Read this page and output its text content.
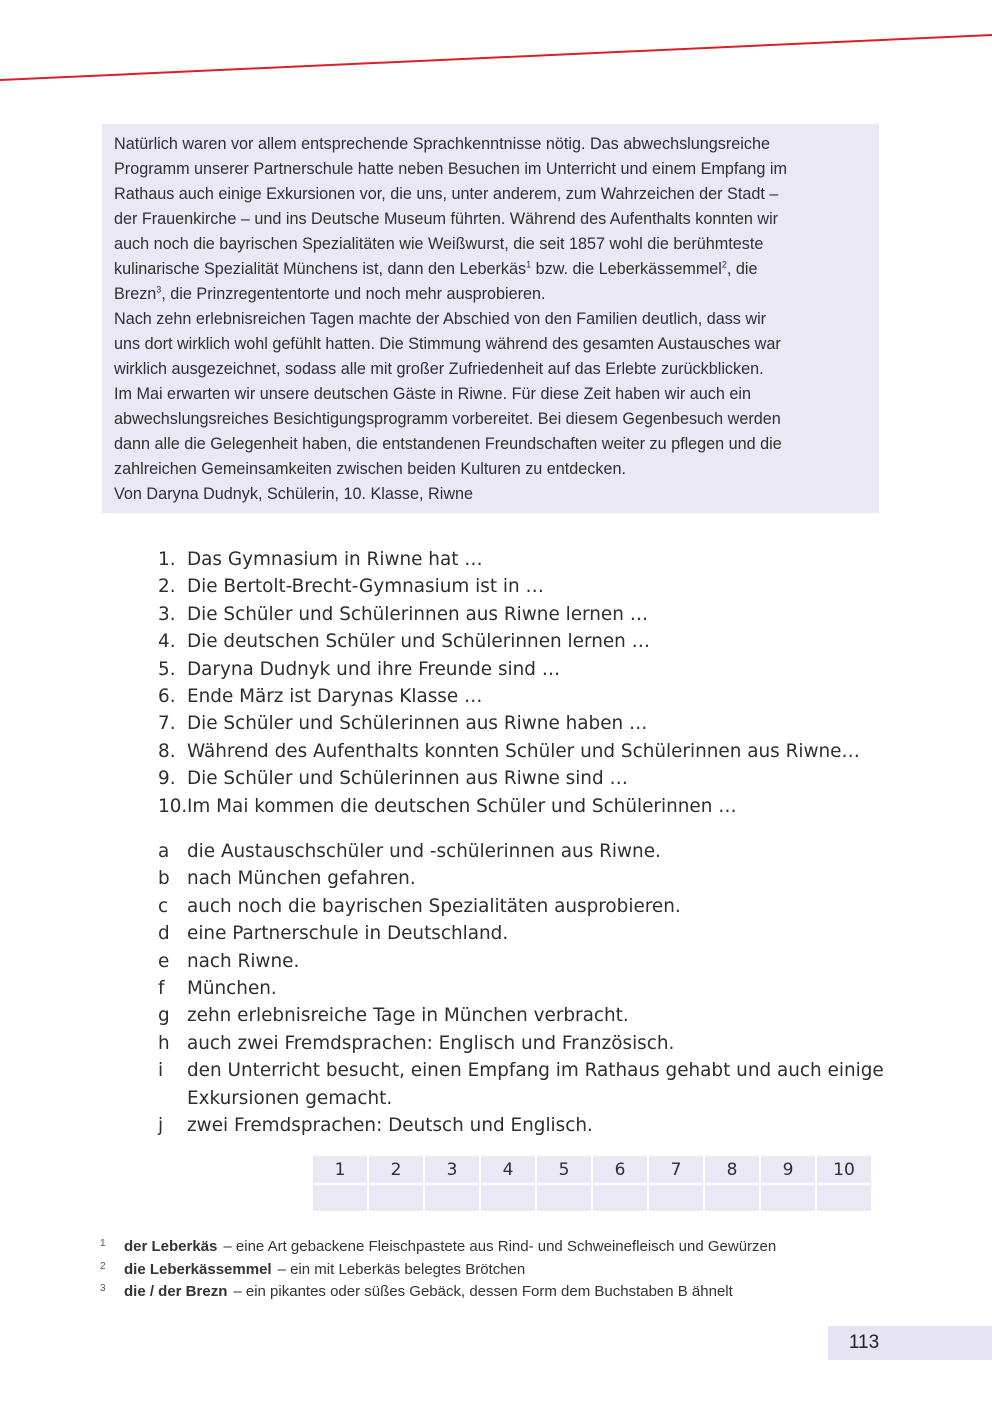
Natürlich waren vor allem entsprechende Sprachkenntnisse nötig. Das abwechslungsreiche

Programm unserer Partnerschule hatte neben Besuchen im Unterricht und einem Empfang im

Rathaus auch einige Exkursionen vor, die uns, unter anderem, zum Wahrzeichen der Stadt –

der Frauenkirche – und ins Deutsche Museum führten. Während des Aufenthalts konnten wir

auch noch die bayrischen Spezialitäten wie Weißwurst, die seit 1857 wohl die berühmteste

kulinarische Spezialität Münchens ist, dann den Leberkäs$^1$ bzw. die Leberkässemmel$^2$, die

Brezn$^3$, die Prinzregententorte und noch mehr ausprobieren.

Nach zehn erlebnisreichen Tagen machte der Abschied von den Familien deutlich, dass wir

uns dort wirklich wohl gefühlt hatten. Die Stimmung während des gesamten Austausches war

wirklich ausgezeichnet, sodass alle mit großer Zufriedenheit auf das Erlebte zurückblicken.

Im Mai erwarten wir unsere deutschen Gäste in Riwne. Für diese Zeit haben wir auch ein

abwechslungsreiches Besichtigungsprogramm vorbereitet. Bei diesem Gegenbesuch werden

dann alle die Gelegenheit haben, die entstandenen Freundschaften weiter zu pflegen und die

zahlreichen Gemeinsamkeiten zwischen beiden Kulturen zu entdecken.

Von Daryna Dudnyk, Schülerin, 10. Klasse, Riwne

1. Das Gymnasium in Riwne hat …
2. Die Bertolt-Brecht-Gymnasium ist in …
3. Die Schüler und Schülerinnen aus Riwne lernen …
4. Die deutschen Schüler und Schülerinnen lernen …
5. Daryna Dudnyk und ihre Freunde sind …
6. Ende März ist Darynas Klasse …
7. Die Schüler und Schülerinnen aus Riwne haben …
8. Während des Aufenthalts konnten Schüler und Schülerinnen aus Riwne…
9. Die Schüler und Schülerinnen aus Riwne sind …
10. Im Mai kommen die deutschen Schüler und Schülerinnen …
a die Austauschschüler und -schülerinnen aus Riwne.
b nach München gefahren.
c	auch noch die bayrischen Spezialitäten ausprobieren.
d eine Partnerschule in Deutschland.
e nach Riwne.
f	München.
g zehn erlebnisreiche Tage in München verbracht.
h auch zwei Fremdsprachen: Englisch und Französisch.
i	den Unterricht besucht, einen Empfang im Rathaus gehabt und auch einige Exkursionen gemacht.
j	zwei Fremdsprachen: Deutsch und Englisch.
1	2	3	4	5	6	7	8	9	10

1	der Leberkäs – eine Art gebackene Fleischpastete aus Rind- und Schweinefleisch und Gewürzen
2	die Leberkässemmel – ein mit Leberkäs belegtes Brötchen
3	die / der Brezn – ein pikantes oder süßes Gebäck, dessen Form dem Buchstaben B ähnelt
113
